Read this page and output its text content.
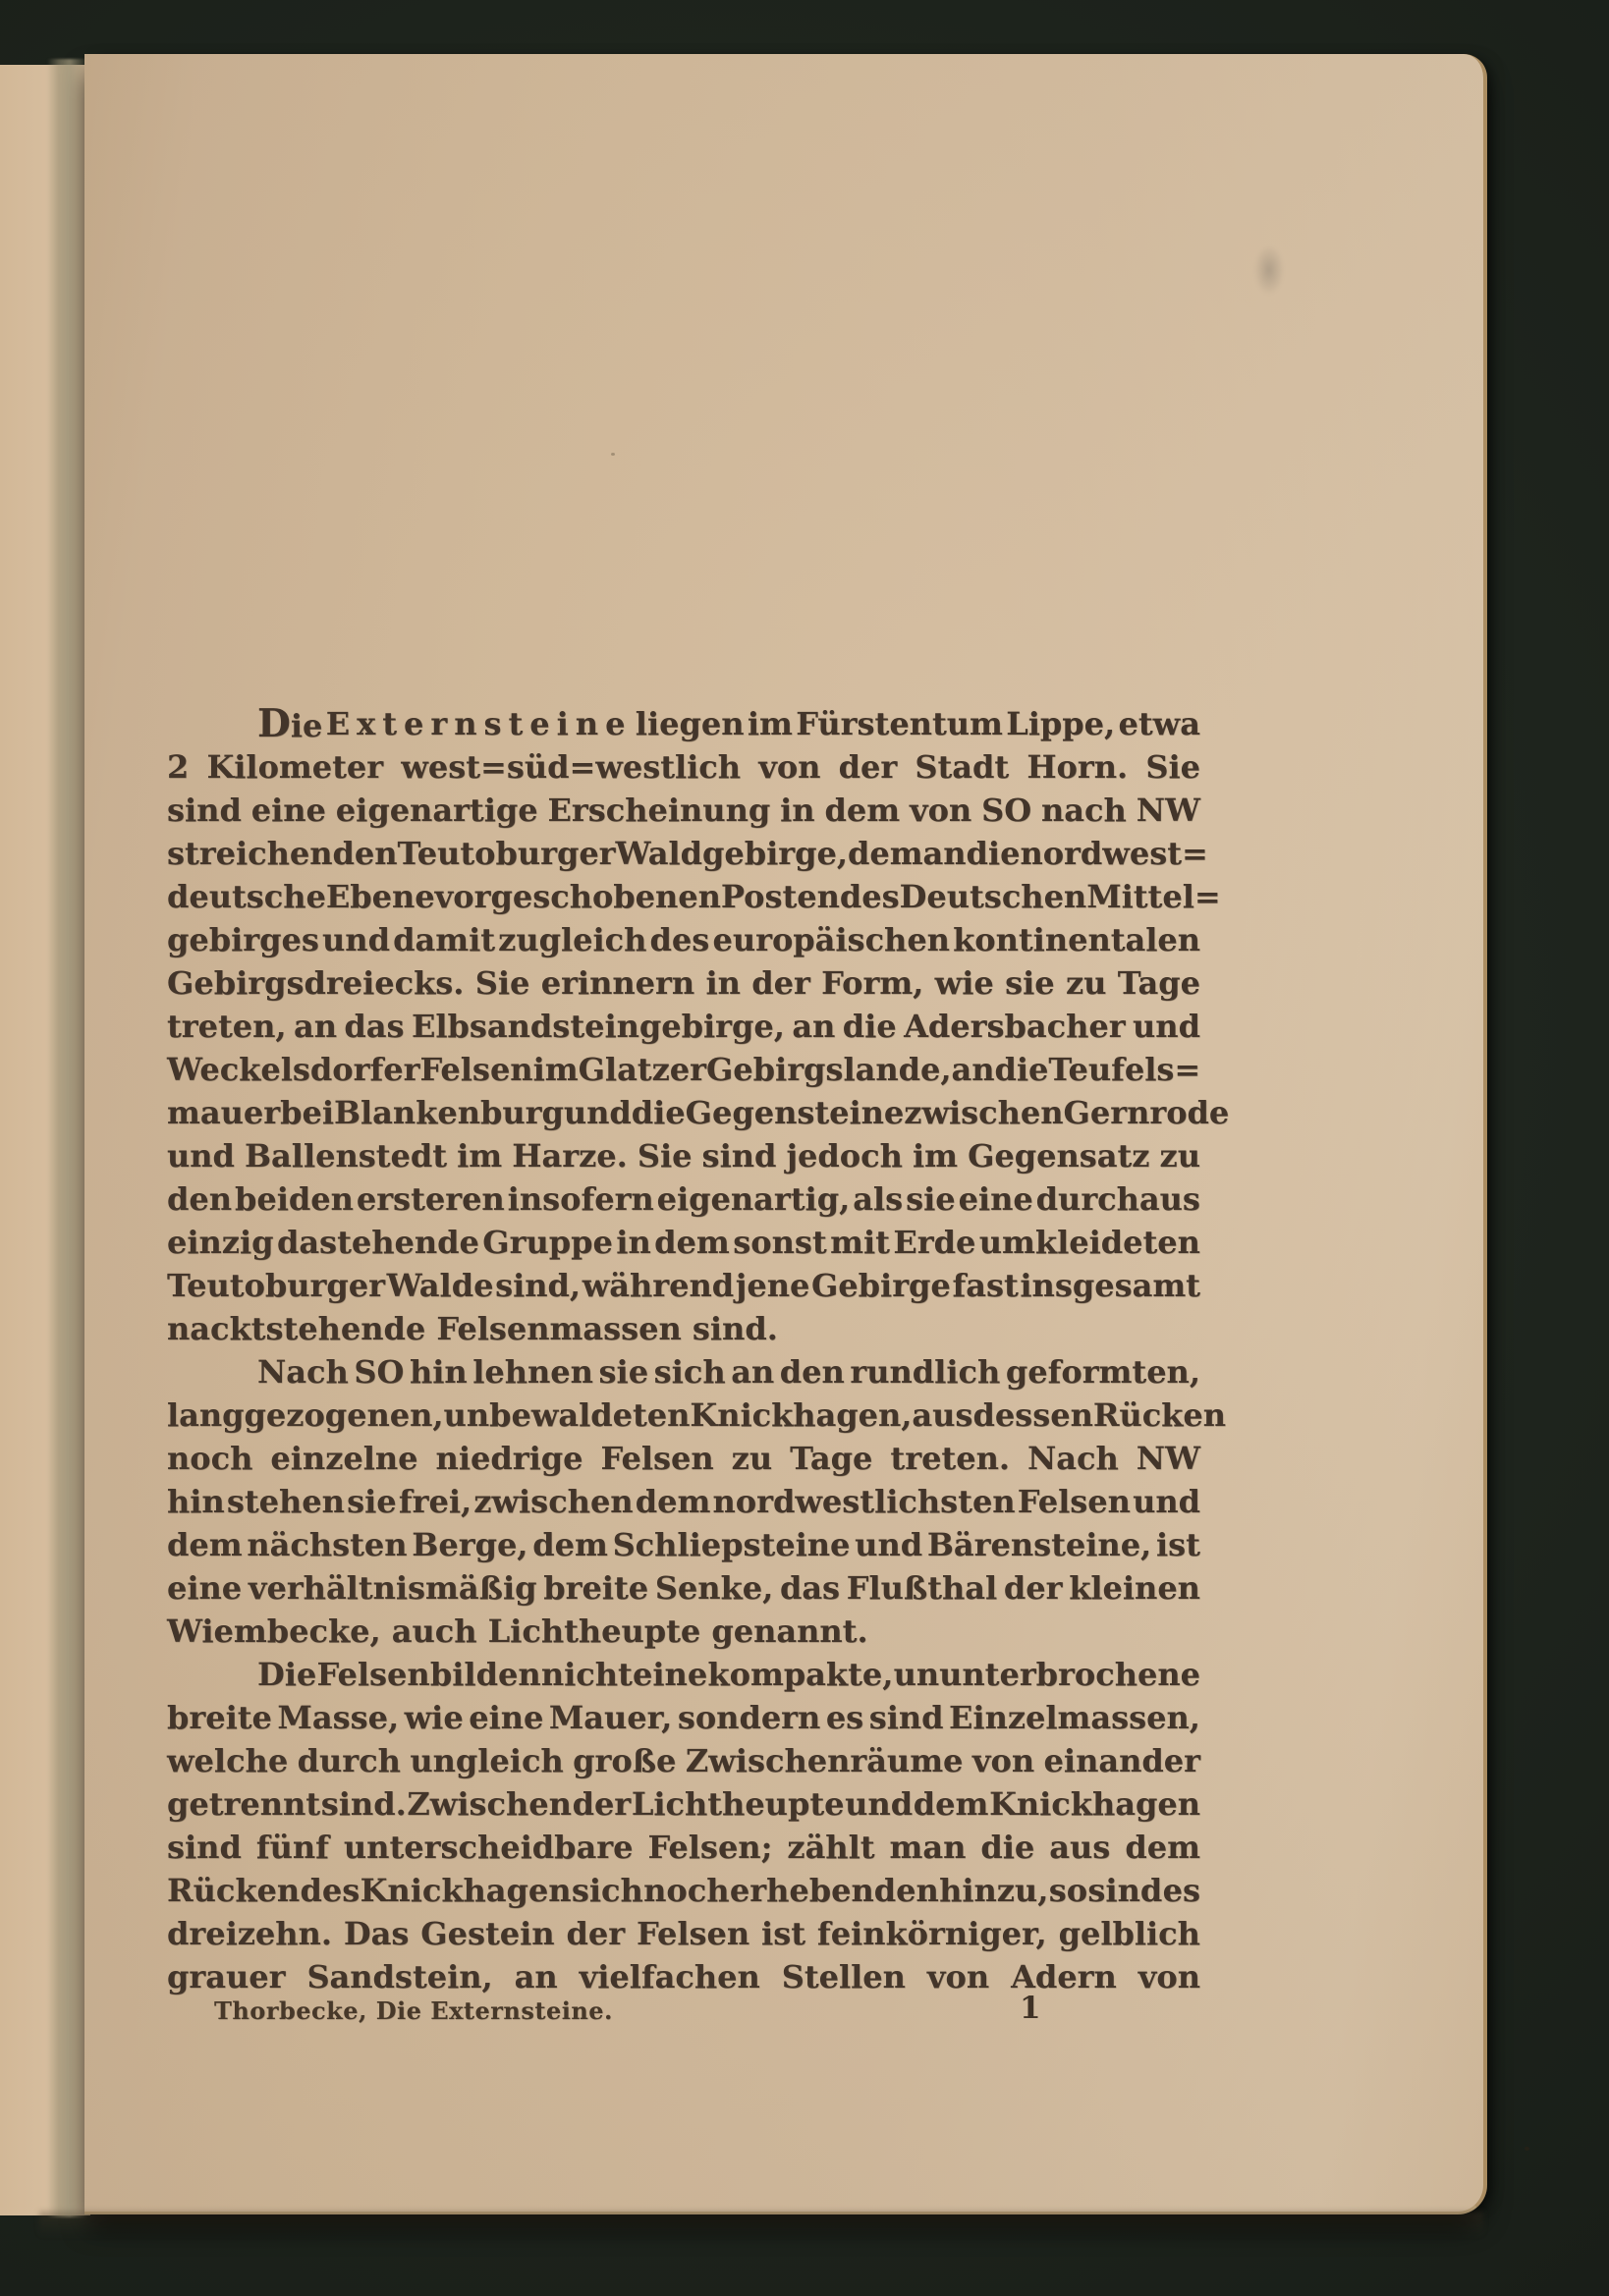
Die Externsteine liegen im Fürstentum Lippe, etwa
2 Kilometer west=süd=westlich von der Stadt Horn. Sie
sind eine eigenartige Erscheinung in dem von SO nach NW
streichenden Teutoburger Waldgebirge, dem an die nordwest=
deutsche Ebene vorgeschobenen Posten des Deutschen Mittel=
gebirges und damit zugleich des europäischen kontinentalen
Gebirgsdreiecks. Sie erinnern in der Form, wie sie zu Tage
treten, an das Elbsandsteingebirge, an die Adersbacher und
Weckelsdorfer Felsen im Glatzer Gebirgslande, an die Teufels=
mauer bei Blankenburg und die Gegensteine zwischen Gernrode
und Ballenstedt im Harze. Sie sind jedoch im Gegensatz zu
den beiden ersteren insofern eigenartig, als sie eine durchaus
einzig dastehende Gruppe in dem sonst mit Erde umkleideten
Teutoburger Walde sind, während jene Gebirge fast insgesamt
nacktstehende Felsenmassen sind.
Nach SO hin lehnen sie sich an den rundlich geformten,
langgezogenen, unbewaldeten Knickhagen, aus dessen Rücken
noch einzelne niedrige Felsen zu Tage treten. Nach NW
hin stehen sie frei, zwischen dem nordwestlichsten Felsen und
dem nächsten Berge, dem Schliepsteine und Bärensteine, ist
eine verhältnismäßig breite Senke, das Flußthal der kleinen
Wiembecke, auch Lichtheupte genannt.
Die Felsen bilden nicht eine kompakte, ununterbrochene
breite Masse, wie eine Mauer, sondern es sind Einzelmassen,
welche durch ungleich große Zwischenräume von einander
getrennt sind. Zwischen der Lichtheupte und dem Knickhagen
sind fünf unterscheidbare Felsen; zählt man die aus dem
Rücken des Knickhagen sich noch erhebenden hinzu, so sind es
dreizehn. Das Gestein der Felsen ist feinkörniger, gelblich
grauer Sandstein, an vielfachen Stellen von Adern von
Thorbecke, Die Externsteine.	1
